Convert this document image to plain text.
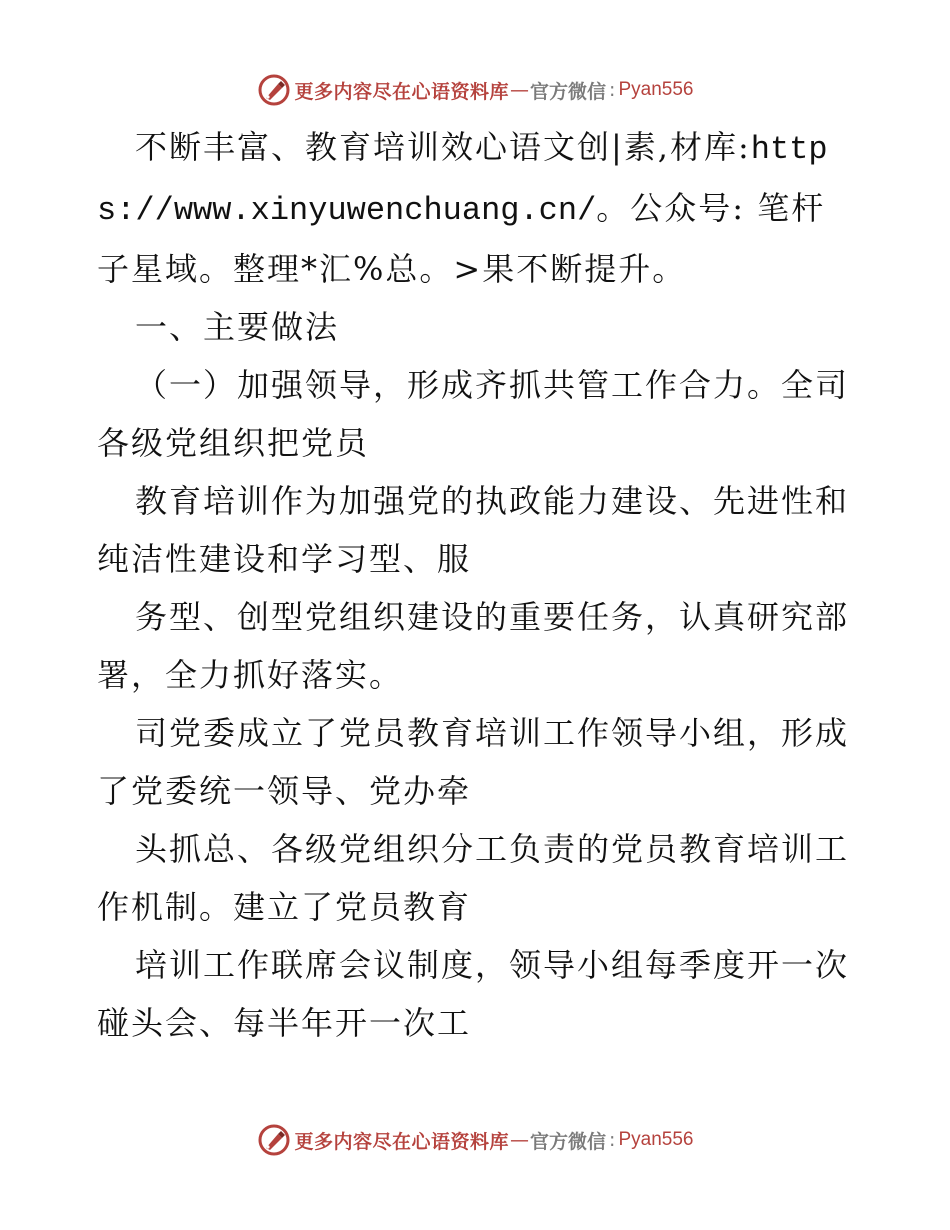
更多内容尽在心语资料库 — 官方微信 : Pyan556

不断丰富、教育培训效心语文创|素,材库:https://www.xinyuwenchuang.cn/。公众号: 笔杆子星域。整理*汇%总。>果不断提升。

一、主要做法

（一）加强领导，形成齐抓共管工作合力。全司各级党组织把党员

教育培训作为加强党的执政能力建设、先进性和纯洁性建设和学习型、服

务型、创型党组织建设的重要任务，认真研究部署，全力抓好落实。

司党委成立了党员教育培训工作领导小组，形成了党委统一领导、党办牵

头抓总、各级党组织分工负责的党员教育培训工作机制。建立了党员教育

培训工作联席会议制度，领导小组每季度开一次碰头会、每半年开一次工

更多内容尽在心语资料库 — 官方微信 : Pyan556
